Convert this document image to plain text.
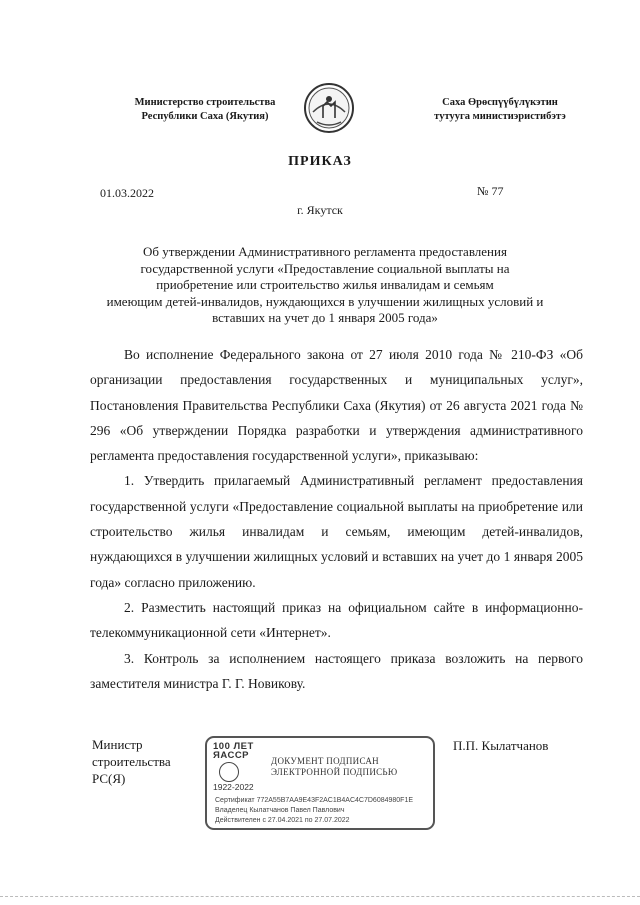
Министерство строительства
Республики Саха (Якутия)
Саха Өрөспүүбүлүкэтин
тутууга министиэристибэтэ
ПРИКАЗ
01.03.2022	№ 77
г. Якутск
Об утверждении Административного регламента предоставления
государственной услуги «Предоставление социальной выплаты на
приобретение или строительство жилья инвалидам и семьям
имеющим детей-инвалидов, нуждающихся в улучшении жилищных условий и
вставших на учет до 1 января 2005 года»

Во исполнение Федерального закона от 27 июля 2010 года № 210-ФЗ «Об организации предоставления государственных и муниципальных услуг», Постановления Правительства Республики Саха (Якутия) от 26 августа 2021 года № 296 «Об утверждении Порядка разработки и утверждения административного регламента предоставления государственной услуги», приказываю:

1. Утвердить прилагаемый Административный регламент предоставления государственной услуги «Предоставление социальной выплаты на приобретение или строительство жилья инвалидам и семьям, имеющим детей-инвалидов, нуждающихся в улучшении жилищных условий и вставших на учет до 1 января 2005 года» согласно приложению.

2. Разместить настоящий приказ на официальном сайте в информационно-телекоммуникационной сети «Интернет».

3. Контроль за исполнением настоящего приказа возложить на первого заместителя министра Г. Г. Новикову.

Министр
строительства
РС(Я)
100 ЛЕТ
ЯАССР
1922-2022
ДОКУМЕНТ ПОДПИСАН
ЭЛЕКТРОННОЙ ПОДПИСЬЮ
Сертификат 772A55B7AA9E43F2AC1B4AC4C7D6084980F1E
Владелец Кылатчанов Павел Павлович
Действителен с 27.04.2021 по 27.07.2022
П.П. Кылатчанов
